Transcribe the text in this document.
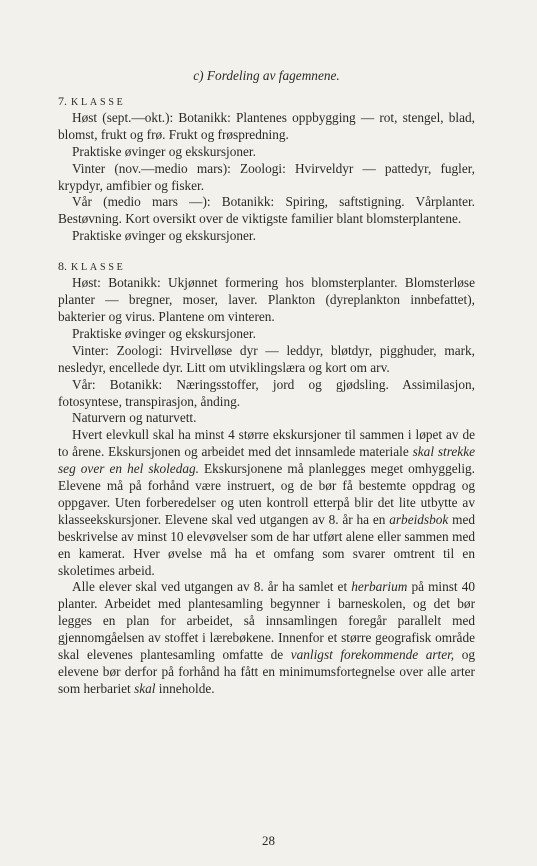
c) Fordeling av fagemnene.

7. KLASSE

Høst (sept.—okt.): Botanikk: Plantenes oppbygging — rot, stengel, blad, blomst, frukt og frø. Frukt og frøspredning.

Praktiske øvinger og ekskursjoner.

Vinter (nov.—medio mars): Zoologi: Hvirveldyr — pattedyr, fugler, krypdyr, amfibier og fisker.

Vår (medio mars —): Botanikk: Spiring, saftstigning. Vårplanter. Bestøvning. Kort oversikt over de viktigste familier blant blomsterplantene.

Praktiske øvinger og ekskursjoner.

8. KLASSE

Høst: Botanikk: Ukjønnet formering hos blomsterplanter. Blomsterløse planter — bregner, moser, laver. Plankton (dyreplankton innbefattet), bakterier og virus. Plantene om vinteren.

Praktiske øvinger og ekskursjoner.

Vinter: Zoologi: Hvirvelløse dyr — leddyr, bløtdyr, pigghuder, mark, nesledyr, encellede dyr. Litt om utviklingslæra og kort om arv.

Vår: Botanikk: Næringsstoffer, jord og gjødsling. Assimilasjon, fotosyntese, transpirasjon, ånding.

Naturvern og naturvett.

Hvert elevkull skal ha minst 4 større ekskursjoner til sammen i løpet av de to årene. Ekskursjonen og arbeidet med det innsamlede materiale skal strekke seg over en hel skoledag. Ekskursjonene må planlegges meget omhyggelig. Elevene må på forhånd være instruert, og de bør få bestemte oppdrag og oppgaver. Uten forberedelser og uten kontroll etterpå blir det lite utbytte av klasseekskursjoner. Elevene skal ved utgangen av 8. år ha en arbeidsbok med beskrivelse av minst 10 elevøvelser som de har utført alene eller sammen med en kamerat. Hver øvelse må ha et omfang som svarer omtrent til en skoletimes arbeid.

Alle elever skal ved utgangen av 8. år ha samlet et herbarium på minst 40 planter. Arbeidet med plantesamling begynner i barneskolen, og det bør legges en plan for arbeidet, så innsamlingen foregår parallelt med gjennomgåelsen av stoffet i lærebøkene. Innenfor et større geografisk område skal elevenes plantesamling omfatte de vanligst forekommende arter, og elevene bør derfor på forhånd ha fått en minimumsfortegnelse over alle arter som herbariet skal inneholde.

28
